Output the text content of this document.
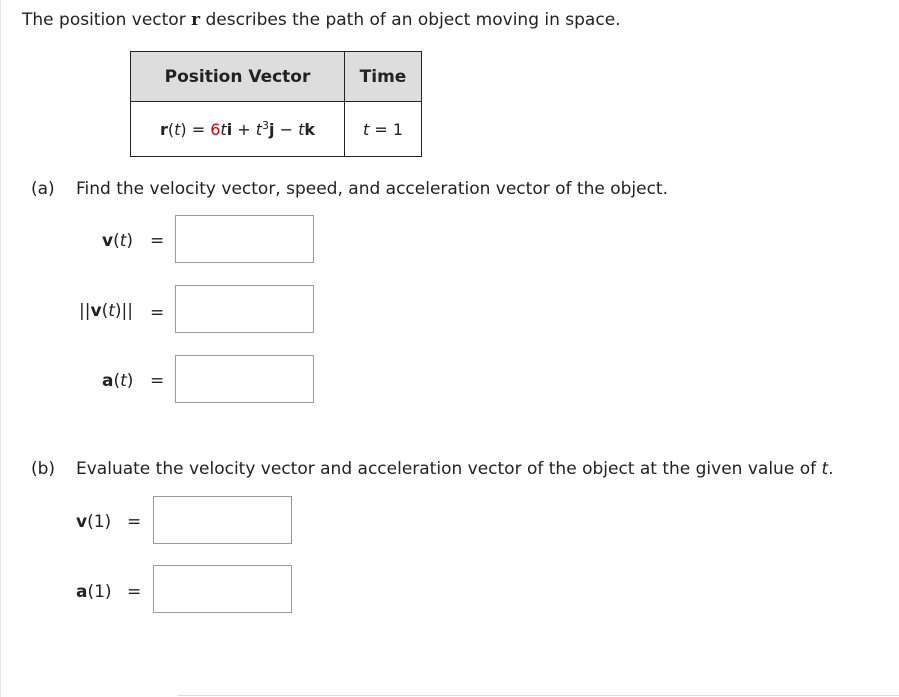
The position vector r describes the path of an object moving in space.
Position Vector	Time
$r(t) = 6ti + t^3j$ − tk	t = 1
(a) Find the velocity vector, speed, and acceleration vector of the object.
v(t) =
||v(t)|| =
a(t) =
(b) Evaluate the velocity vector and acceleration vector of the object at the given value of t.
v(1) =
a(1) =
